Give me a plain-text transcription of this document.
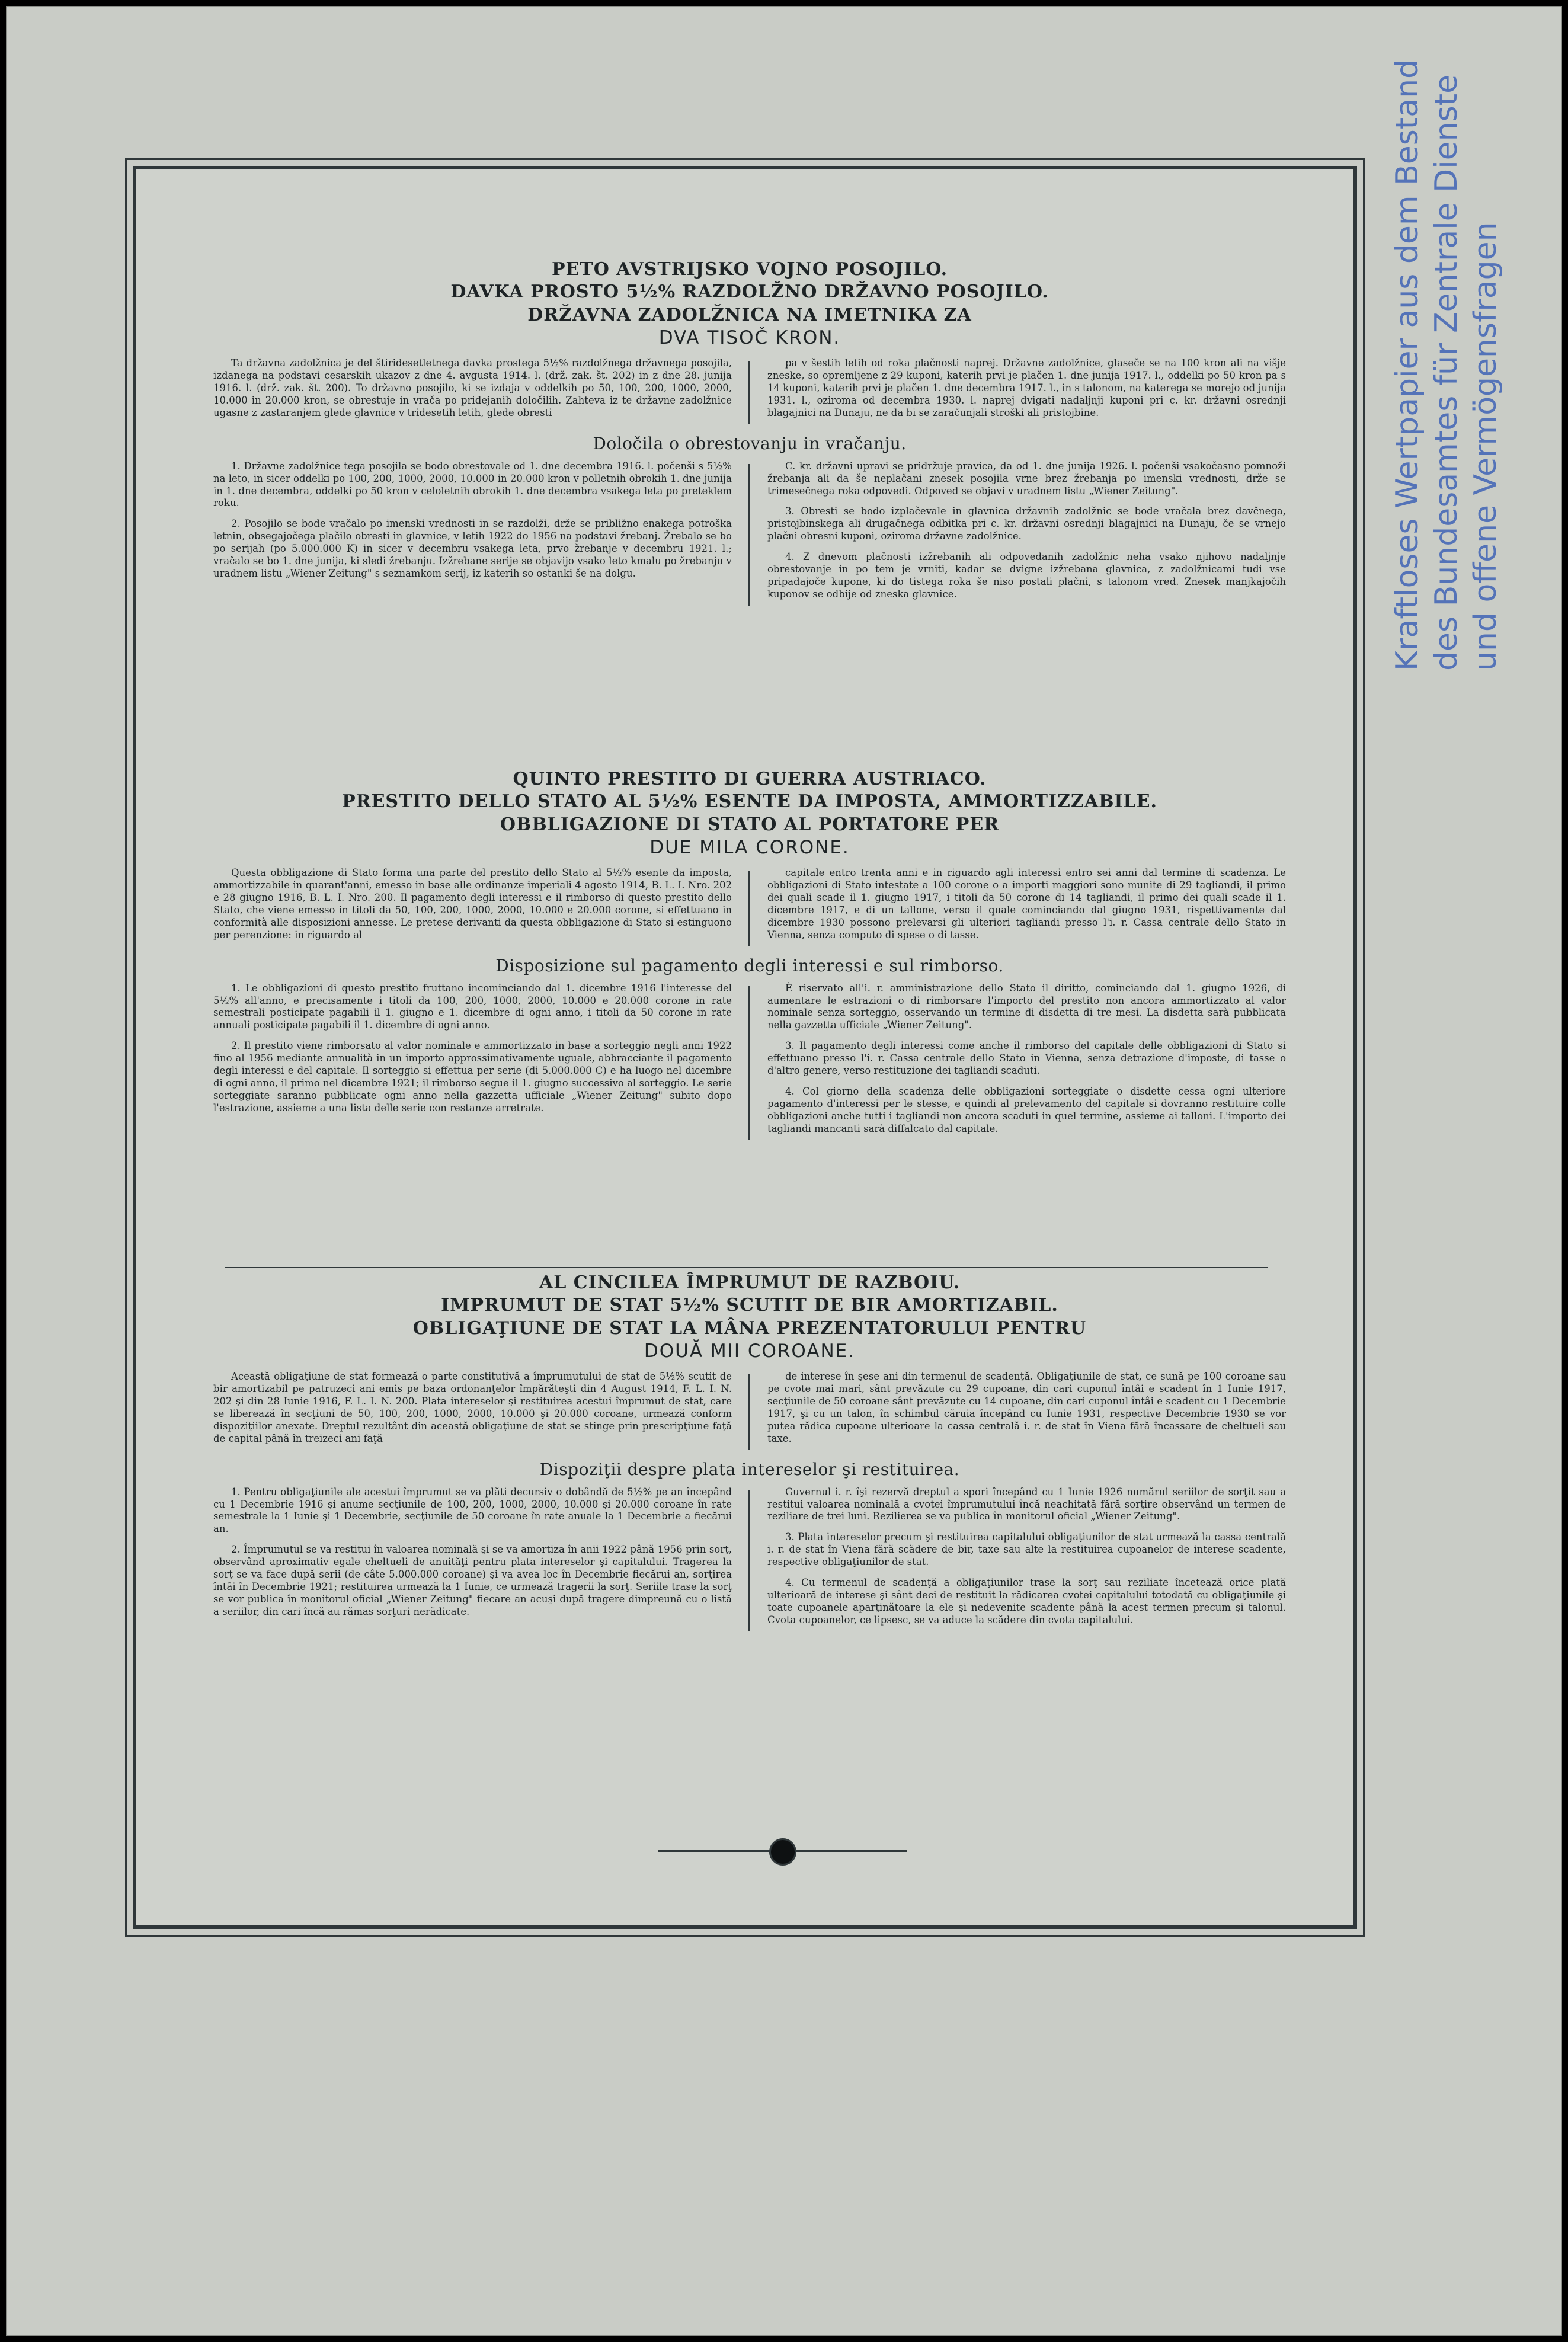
PETO AVSTRIJSKO VOJNO POSOJILO.
DAVKA PROSTO 5½% RAZDOLŽNO DRŽAVNO POSOJILO.
DRŽAVNA ZADOLŽNICA NA IMETNIKA ZA
DVA TISOČ KRON.

Ta državna zadolžnica je del štiridesetletnega davka prostega 5½% razdolžnega državnega posojila, izdanega na podstavi cesarskih ukazov z dne 4. avgusta 1914. l. (drž. zak. št. 202) in z dne 28. junija 1916. l. (drž. zak. št. 200). To državno posojilo, ki se izdaja v oddelkih po 50, 100, 200, 1000, 2000, 10.000 in 20.000 kron, se obrestuje in vrača po pridejanih določilih. Zahteva iz te državne zadolžnice ugasne z zastaranjem glede glavnice v tridesetih letih, glede obresti

pa v šestih letih od roka plačnosti naprej. Državne zadolžnice, glaseče se na 100 kron ali na višje zneske, so opremljene z 29 kuponi, katerih prvi je plačen 1. dne junija 1917. l., oddelki po 50 kron pa s 14 kuponi, katerih prvi je plačen 1. dne decembra 1917. l., in s talonom, na katerega se morejo od junija 1931. l., oziroma od decembra 1930. l. naprej dvigati nadaljnji kuponi pri c. kr. državni osrednji blagajnici na Dunaju, ne da bi se zaračunjali stroški ali pristojbine.

Določila o obrestovanju in vračanju.

1. Državne zadolžnice tega posojila se bodo obrestovale od 1. dne decembra 1916. l. počenši s 5½% na leto, in sicer oddelki po 100, 200, 1000, 2000, 10.000 in 20.000 kron v polletnih obrokih 1. dne junija in 1. dne decembra, oddelki po 50 kron v celoletnih obrokih 1. dne decembra vsakega leta po preteklem roku.

2. Posojilo se bode vračalo po imenski vrednosti in se razdolži, drže se približno enakega potroška letnin, obsegajočega plačilo obresti in glavnice, v letih 1922 do 1956 na podstavi žrebanj. Žrebalo se bo po serijah (po 5.000.000 K) in sicer v decembru vsakega leta, prvo žrebanje v decembru 1921. l.; vračalo se bo 1. dne junija, ki sledi žrebanju. Izžrebane serije se objavijo vsako leto kmalu po žrebanju v uradnem listu „Wiener Zeitung" s seznamkom serij, iz katerih so ostanki še na dolgu.

C. kr. državni upravi se pridržuje pravica, da od 1. dne junija 1926. l. počenši vsakočasno pomnoži žrebanja ali da še neplačani znesek posojila vrne brez žrebanja po imenski vrednosti, drže se trimesečnega roka odpovedi. Odpoved se objavi v uradnem listu „Wiener Zeitung".

3. Obresti se bodo izplačevale in glavnica državnih zadolžnic se bode vračala brez davčnega, pristojbinskega ali drugačnega odbitka pri c. kr. državni osrednji blagajnici na Dunaju, če se vrnejo plačni obresni kuponi, oziroma državne zadolžnice.

4. Z dnevom plačnosti izžrebanih ali odpovedanih zadolžnic neha vsako njihovo nadaljnje obrestovanje in po tem je vrniti, kadar se dvigne izžrebana glavnica, z zadolžnicami tudi vse pripadajoče kupone, ki do tistega roka še niso postali plačni, s talonom vred. Znesek manjkajočih kuponov se odbije od zneska glavnice.

QUINTO PRESTITO DI GUERRA AUSTRIACO.
PRESTITO DELLO STATO AL 5½% ESENTE DA IMPOSTA, AMMORTIZZABILE.
OBBLIGAZIONE DI STATO AL PORTATORE PER
DUE MILA CORONE.

Questa obbligazione di Stato forma una parte del prestito dello Stato al 5½% esente da imposta, ammortizzabile in quarant'anni, emesso in base alle ordinanze imperiali 4 agosto 1914, B. L. I. Nro. 202 e 28 giugno 1916, B. L. I. Nro. 200. Il pagamento degli interessi e il rimborso di questo prestito dello Stato, che viene emesso in titoli da 50, 100, 200, 1000, 2000, 10.000 e 20.000 corone, si effettuano in conformità alle disposizioni annesse. Le pretese derivanti da questa obbligazione di Stato si estinguono per perenzione: in riguardo al

capitale entro trenta anni e in riguardo agli interessi entro sei anni dal termine di scadenza. Le obbligazioni di Stato intestate a 100 corone o a importi maggiori sono munite di 29 tagliandi, il primo dei quali scade il 1. giugno 1917, i titoli da 50 corone di 14 tagliandi, il primo dei quali scade il 1. dicembre 1917, e di un tallone, verso il quale cominciando dal giugno 1931, rispettivamente dal dicembre 1930 possono prelevarsi gli ulteriori tagliandi presso l'i. r. Cassa centrale dello Stato in Vienna, senza computo di spese o di tasse.

Disposizione sul pagamento degli interessi e sul rimborso.

1. Le obbligazioni di questo prestito fruttano incominciando dal 1. dicembre 1916 l'interesse del 5½% all'anno, e precisamente i titoli da 100, 200, 1000, 2000, 10.000 e 20.000 corone in rate semestrali posticipate pagabili il 1. giugno e 1. dicembre di ogni anno, i titoli da 50 corone in rate annuali posticipate pagabili il 1. dicembre di ogni anno.

2. Il prestito viene rimborsato al valor nominale e ammortizzato in base a sorteggio negli anni 1922 fino al 1956 mediante annualità in un importo approssimativamente uguale, abbracciante il pagamento degli interessi e del capitale. Il sorteggio si effettua per serie (di 5.000.000 C) e ha luogo nel dicembre di ogni anno, il primo nel dicembre 1921; il rimborso segue il 1. giugno successivo al sorteggio. Le serie sorteggiate saranno pubblicate ogni anno nella gazzetta ufficiale „Wiener Zeitung" subito dopo l'estrazione, assieme a una lista delle serie con restanze arretrate.

È riservato all'i. r. amministrazione dello Stato il diritto, cominciando dal 1. giugno 1926, di aumentare le estrazioni o di rimborsare l'importo del prestito non ancora ammortizzato al valor nominale senza sorteggio, osservando un termine di disdetta di tre mesi. La disdetta sarà pubblicata nella gazzetta ufficiale „Wiener Zeitung".

3. Il pagamento degli interessi come anche il rimborso del capitale delle obbligazioni di Stato si effettuano presso l'i. r. Cassa centrale dello Stato in Vienna, senza detrazione d'imposte, di tasse o d'altro genere, verso restituzione dei tagliandi scaduti.

4. Col giorno della scadenza delle obbligazioni sorteggiate o disdette cessa ogni ulteriore pagamento d'interessi per le stesse, e quindi al prelevamento del capitale si dovranno restituire colle obbligazioni anche tutti i tagliandi non ancora scaduti in quel termine, assieme ai talloni. L'importo dei tagliandi mancanti sarà diffalcato dal capitale.

AL CINCILEA ÎMPRUMUT DE RAZBOIU.
IMPRUMUT DE STAT 5½% SCUTIT DE BIR AMORTIZABIL.
OBLIGAŢIUNE DE STAT LA MÂNA PREZENTATORULUI PENTRU
DOUĂ MII COROANE.

Această obligaţiune de stat formează o parte constitutivă a împrumutului de stat de 5½% scutit de bir amortizabil pe patruzeci ani emis pe baza ordonanţelor împărăteşti din 4 August 1914, F. L. I. N. 202 şi din 28 Iunie 1916, F. L. I. N. 200. Plata intereselor şi restituirea acestui împrumut de stat, care se liberează în secţiuni de 50, 100, 200, 1000, 2000, 10.000 şi 20.000 coroane, urmează conform dispoziţiilor anexate. Dreptul rezultânt din această obligaţiune de stat se stinge prin prescripţiune faţă de capital până în treizeci ani faţă

de interese în şese ani din termenul de scadenţă. Obligaţiunile de stat, ce sună pe 100 coroane sau pe cvote mai mari, sânt prevăzute cu 29 cupoane, din cari cuponul întâi e scadent în 1 Iunie 1917, secţiunile de 50 coroane sânt prevăzute cu 14 cupoane, din cari cuponul întâi e scadent cu 1 Decembrie 1917, şi cu un talon, în schimbul căruia începând cu Iunie 1931, respective Decembrie 1930 se vor putea rădica cupoane ulterioare la cassa centrală i. r. de stat în Viena fără încassare de cheltueli sau taxe.

Dispoziţii despre plata intereselor şi restituirea.

1. Pentru obligaţiunile ale acestui împrumut se va plăti decursiv o dobândă de 5½% pe an începând cu 1 Decembrie 1916 şi anume secţiunile de 100, 200, 1000, 2000, 10.000 şi 20.000 coroane în rate semestrale la 1 Iunie şi 1 Decembrie, secţiunile de 50 coroane în rate anuale la 1 Decembrie a fiecărui an.

2. Împrumutul se va restitui în valoarea nominală şi se va amortiza în anii 1922 până 1956 prin sorţ, observând aproximativ egale cheltueli de anuităţi pentru plata intereselor şi capitalului. Tragerea la sorţ se va face după serii (de câte 5.000.000 coroane) şi va avea loc în Decembrie fiecărui an, sorţirea întâi în Decembrie 1921; restituirea urmează la 1 Iunie, ce urmează tragerii la sorţ. Seriile trase la sorţ se vor publica în monitorul oficial „Wiener Zeitung" fiecare an acuşi după tragere dimpreună cu o listă a seriilor, din cari încă au rămas sorţuri nerădicate.

Guvernul i. r. îşi rezervă dreptul a spori începând cu 1 Iunie 1926 numărul seriilor de sorţit sau a restitui valoarea nominală a cvotei împrumutului încă neachitată fără sorţire observând un termen de reziliare de trei luni. Rezilierea se va publica în monitorul oficial „Wiener Zeitung".

3. Plata intereselor precum şi restituirea capitalului obligaţiunilor de stat urmează la cassa centrală i. r. de stat în Viena fără scădere de bir, taxe sau alte la restituirea cupoanelor de interese scadente, respective obligaţiunilor de stat.

4. Cu termenul de scadenţă a obligaţiunilor trase la sorţ sau reziliate încetează orice plată ulterioară de interese şi sânt deci de restituit la rădicarea cvotei capitalului totodată cu obligaţiunile şi toate cupoanele aparţinătoare la ele şi nedevenite scadente până la acest termen precum şi talonul. Cvota cupoanelor, ce lipsesc, se va aduce la scădere din cvota capitalului.

Kraftloses Wertpapier aus dem Bestand des Bundesamtes für Zentrale Dienste und offene Vermögensfragen
